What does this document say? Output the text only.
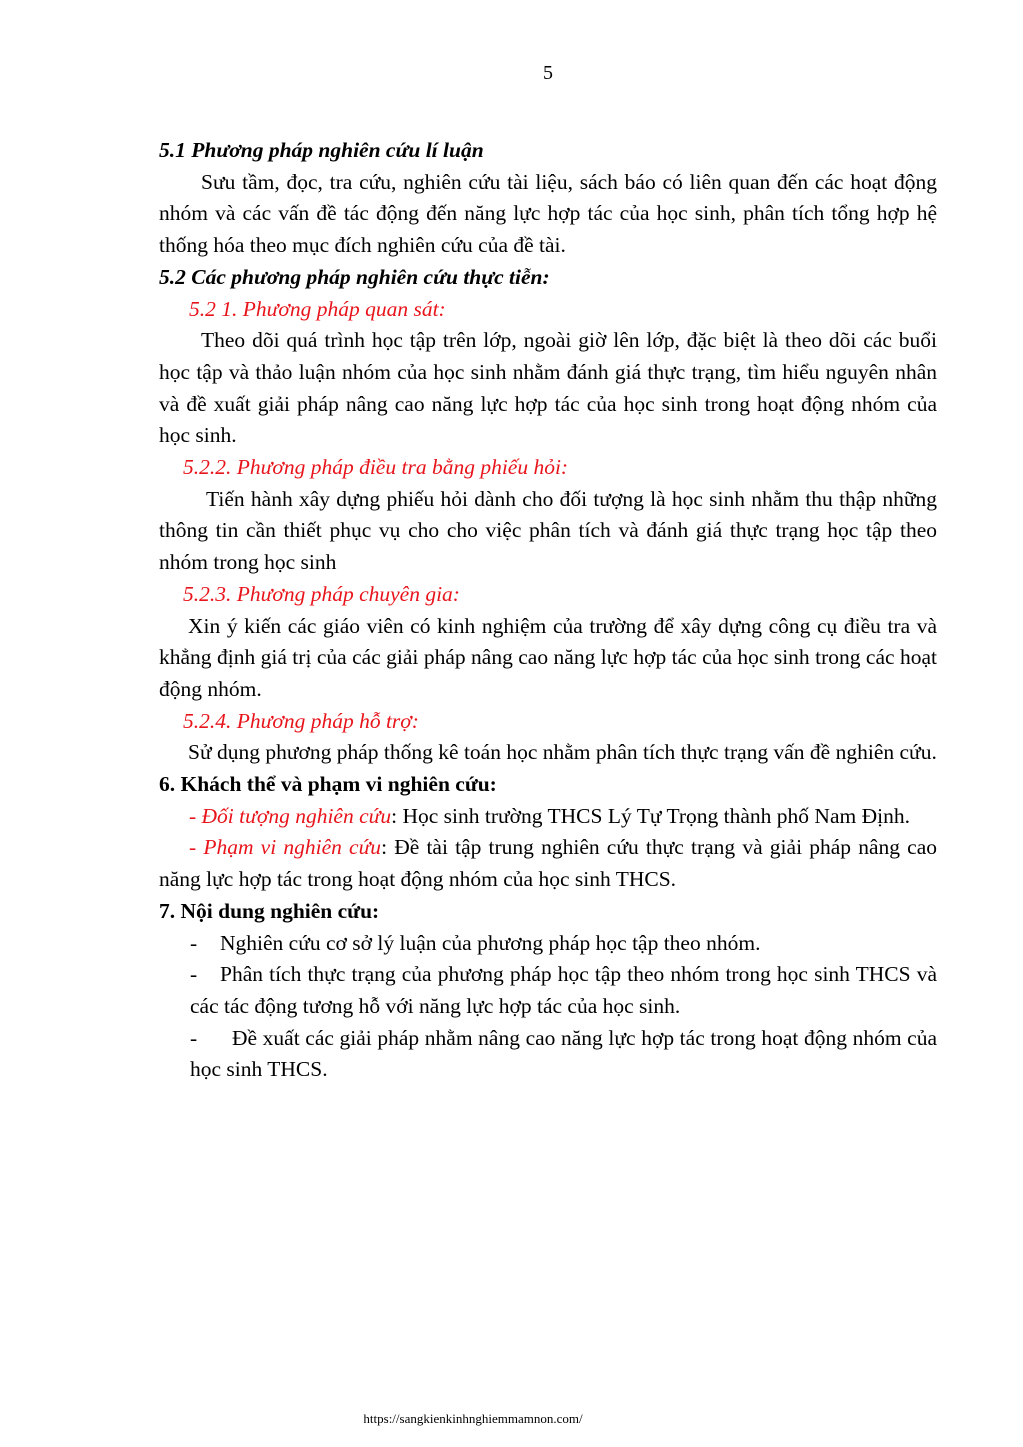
5

5.1 Phương pháp nghiên cứu lí luận

Sưu tầm, đọc, tra cứu, nghiên cứu tài liệu, sách báo có liên quan đến các hoạt động nhóm và các vấn đề tác động đến năng lực hợp tác của học sinh, phân tích tổng hợp hệ thống hóa theo mục đích nghiên cứu của đề tài.

5.2 Các phương pháp nghiên cứu thực tiễn:

5.2 1. Phương pháp quan sát:

Theo dõi quá trình học tập trên lớp, ngoài giờ lên lớp, đặc biệt là theo dõi các buổi học tập và thảo luận nhóm của học sinh nhằm đánh giá thực trạng, tìm hiểu nguyên nhân và đề xuất giải pháp nâng cao năng lực hợp tác của học sinh trong hoạt động nhóm của học sinh.

5.2.2. Phương pháp điều tra bằng phiếu hỏi:

Tiến hành xây dựng phiếu hỏi dành cho đối tượng là học sinh nhằm thu thập những thông tin cần thiết phục vụ cho cho việc phân tích và đánh giá thực trạng học tập theo nhóm trong học sinh

5.2.3. Phương pháp chuyên gia:

Xin ý kiến các giáo viên có kinh nghiệm của trường để xây dựng công cụ điều tra và khẳng định giá trị của các giải pháp nâng cao năng lực hợp tác của học sinh trong các hoạt động nhóm.

5.2.4. Phương pháp hỗ trợ:

Sử dụng phương pháp thống kê toán học nhằm phân tích thực trạng vấn đề nghiên cứu.

6. Khách thể và phạm vi nghiên cứu:

- Đối tượng nghiên cứu: Học sinh trường THCS Lý Tự Trọng thành phố Nam Định.

- Phạm vi nghiên cứu: Đề tài tập trung nghiên cứu thực trạng và giải pháp nâng cao năng lực hợp tác trong hoạt động nhóm của học sinh THCS.

7. Nội dung nghiên cứu:

- Nghiên cứu cơ sở lý luận của phương pháp học tập theo nhóm.

- Phân tích thực trạng của phương pháp học tập theo nhóm trong học sinh THCS và các tác động tương hỗ với năng lực hợp tác của học sinh.

- Đề xuất các giải pháp nhằm nâng cao năng lực hợp tác trong hoạt động nhóm của học sinh THCS.

https://sangkienkinhnghiemmamnon.com/
